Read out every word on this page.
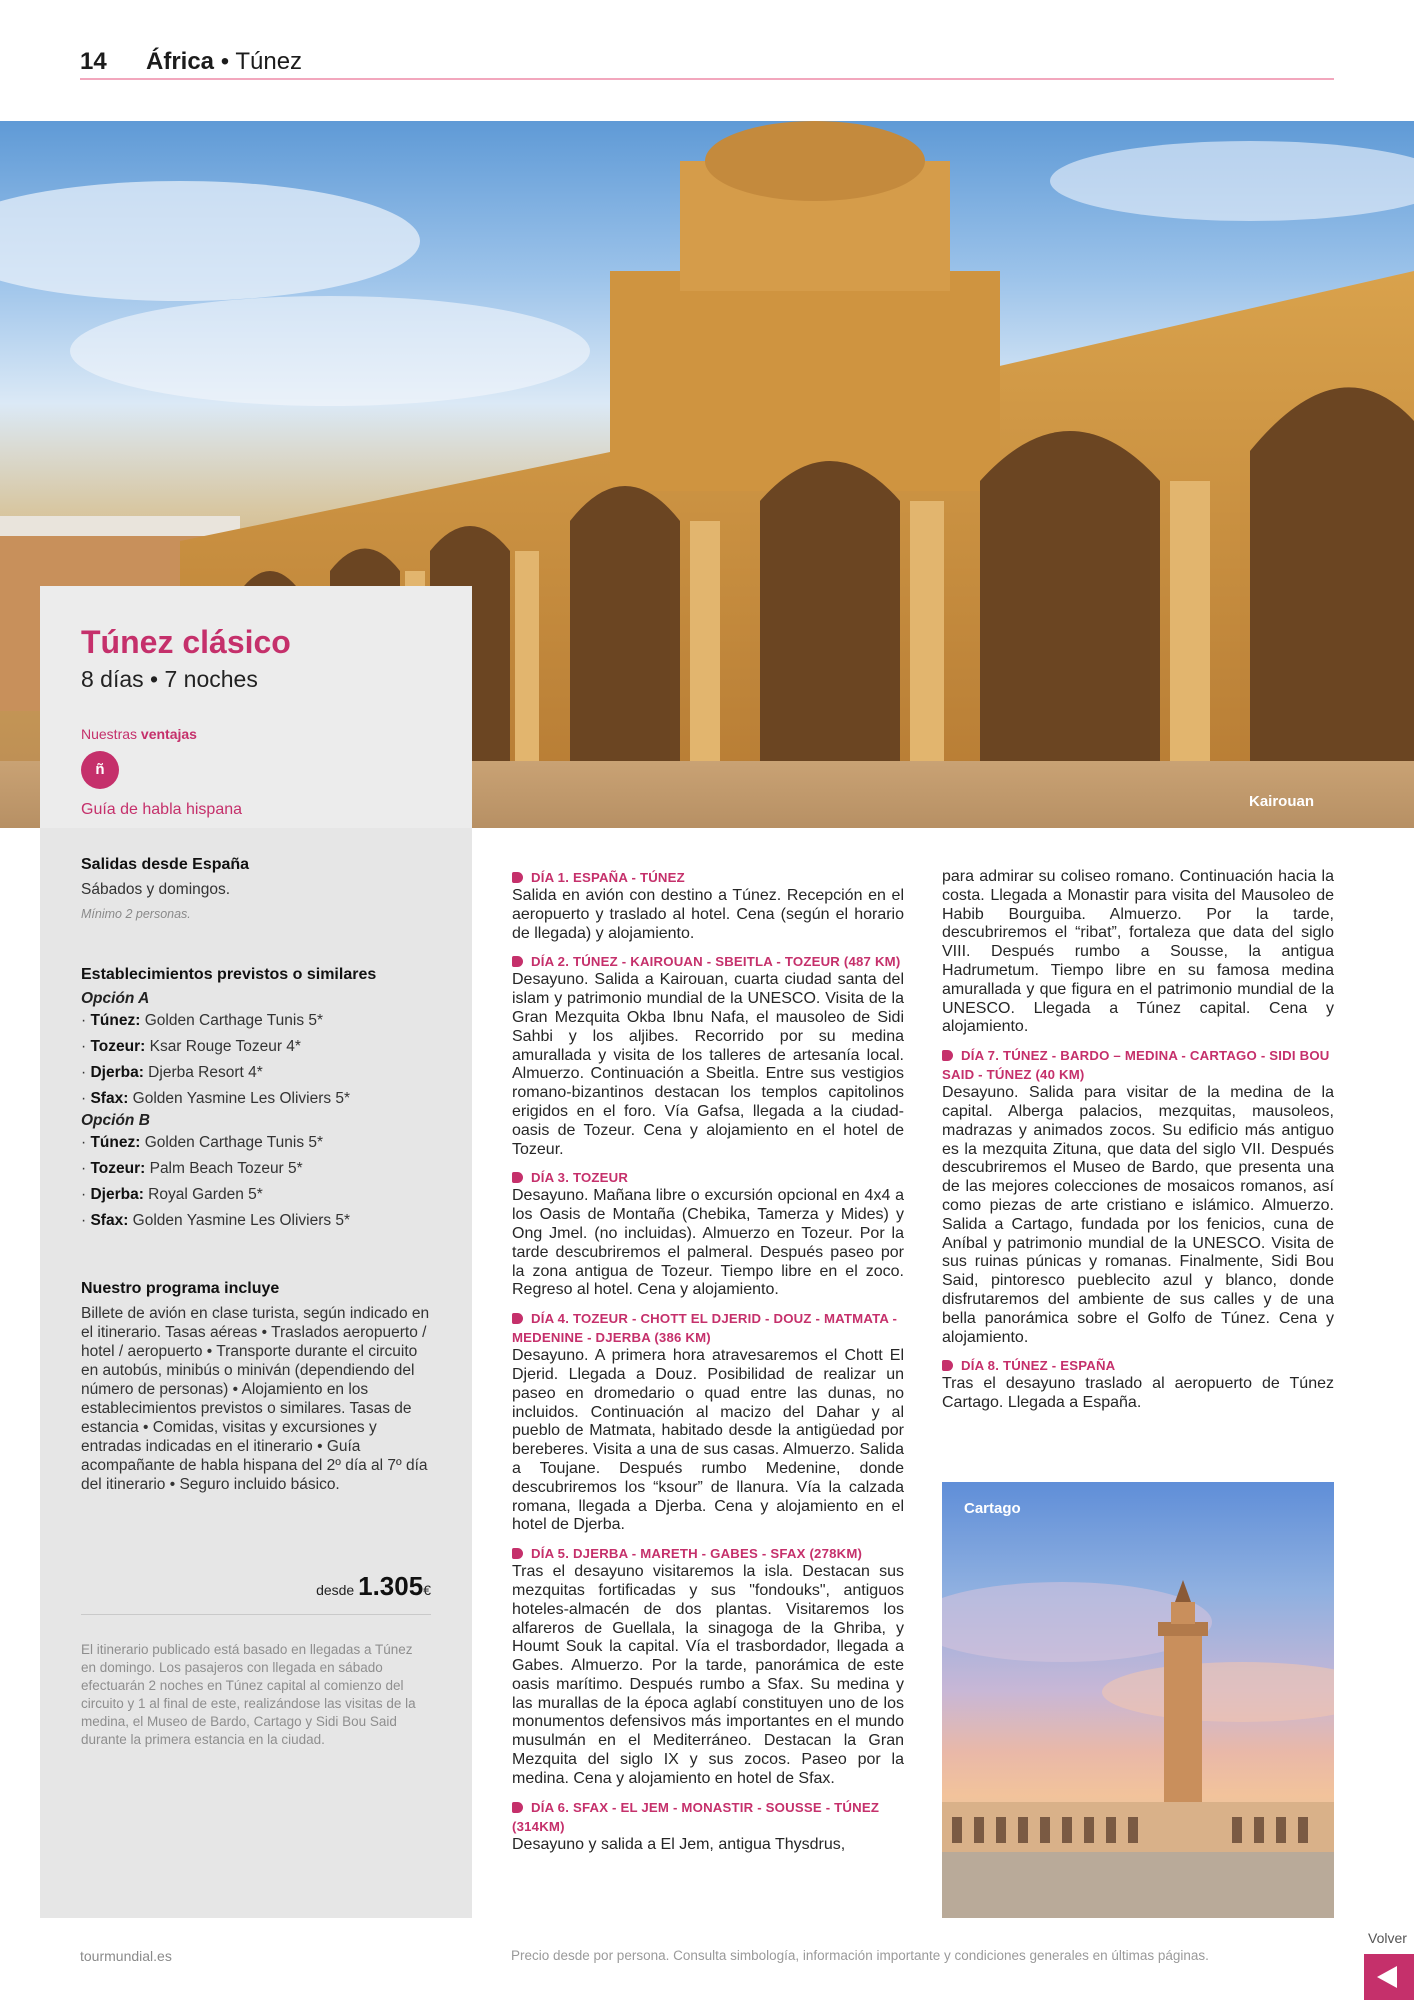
14 África • Túnez
Kairouan
Túnez clásico
8 días • 7 noches
Nuestras ventajas
ñ
Guía de habla hispana
Salidas desde España
Sábados y domingos.
Mínimo 2 personas.
Establecimientos previstos o similares
Opción A
· Túnez: Golden Carthage Tunis 5*
· Tozeur: Ksar Rouge Tozeur 4*
· Djerba: Djerba Resort 4*
· Sfax: Golden Yasmine Les Oliviers 5*
Opción B
· Túnez: Golden Carthage Tunis 5*
· Tozeur: Palm Beach Tozeur 5*
· Djerba: Royal Garden 5*
· Sfax: Golden Yasmine Les Oliviers 5*
Nuestro programa incluye
Billete de avión en clase turista, según indicado en el itinerario. Tasas aéreas • Traslados aeropuerto / hotel / aeropuerto • Transporte durante el circuito en autobús, minibús o miniván (dependiendo del número de personas) • Alojamiento en los establecimientos previstos o similares. Tasas de estancia • Comidas, visitas y excursiones y entradas indicadas en el itinerario • Guía acompañante de habla hispana del 2º día al 7º día del itinerario • Seguro incluido básico.
desde 1.305€
El itinerario publicado está basado en llegadas a Túnez en domingo. Los pasajeros con llegada en sábado efectuarán 2 noches en Túnez capital al comienzo del circuito y 1 al final de este, realizándose las visitas de la medina, el Museo de Bardo, Cartago y Sidi Bou Said durante la primera estancia en la ciudad.
DÍA 1. ESPAÑA - TÚNEZ
Salida en avión con destino a Túnez. Recepción en el aeropuerto y traslado al hotel. Cena (según el horario de llegada) y alojamiento.
DÍA 2. TÚNEZ - KAIROUAN - SBEITLA - TOZEUR (487 KM)
Desayuno. Salida a Kairouan, cuarta ciudad santa del islam y patrimonio mundial de la UNESCO. Visita de la Gran Mezquita Okba Ibnu Nafa, el mausoleo de Sidi Sahbi y los aljibes. Recorrido por su medina amurallada y visita de los talleres de artesanía local. Almuerzo. Continuación a Sbeitla. Entre sus vestigios romano-bizantinos destacan los templos capitolinos erigidos en el foro. Vía Gafsa, llegada a la ciudad-oasis de Tozeur. Cena y alojamiento en el hotel de Tozeur.
DÍA 3. TOZEUR
Desayuno. Mañana libre o excursión opcional en 4x4 a los Oasis de Montaña (Chebika, Tamerza y Mides) y Ong Jmel. (no incluidas). Almuerzo en Tozeur. Por la tarde descubriremos el palmeral. Después paseo por la zona antigua de Tozeur. Tiempo libre en el zoco. Regreso al hotel. Cena y alojamiento.
DÍA 4. TOZEUR - CHOTT EL DJERID - DOUZ - MATMATA - MEDENINE - DJERBA (386 KM)
Desayuno. A primera hora atravesaremos el Chott El Djerid. Llegada a Douz. Posibilidad de realizar un paseo en dromedario o quad entre las dunas, no incluidos. Continuación al macizo del Dahar y al pueblo de Matmata, habitado desde la antigüedad por bereberes. Visita a una de sus casas. Almuerzo. Salida a Toujane. Después rumbo Medenine, donde descubriremos los “ksour” de llanura. Vía la calzada romana, llegada a Djerba. Cena y alojamiento en el hotel de Djerba.
DÍA 5. DJERBA - MARETH - GABES - SFAX (278KM)
Tras el desayuno visitaremos la isla. Destacan sus mezquitas fortificadas y sus "fondouks", antiguos hoteles-almacén de dos plantas. Visitaremos los alfareros de Guellala, la sinagoga de la Ghriba, y Houmt Souk la capital. Vía el trasbordador, llegada a Gabes. Almuerzo. Por la tarde, panorámica de este oasis marítimo. Después rumbo a Sfax. Su medina y las murallas de la época aglabí constituyen uno de los monumentos defensivos más importantes en el mundo musulmán en el Mediterráneo. Destacan la Gran Mezquita del siglo IX y sus zocos. Paseo por la medina. Cena y alojamiento en hotel de Sfax.
DÍA 6. SFAX - EL JEM - MONASTIR - SOUSSE - TÚNEZ (314KM)
Desayuno y salida a El Jem, antigua Thysdrus,
para admirar su coliseo romano. Continuación hacia la costa. Llegada a Monastir para visita del Mausoleo de Habib Bourguiba. Almuerzo. Por la tarde, descubriremos el “ribat”, fortaleza que data del siglo VIII. Después rumbo a Sousse, la antigua Hadrumetum. Tiempo libre en su famosa medina amurallada y que figura en el patrimonio mundial de la UNESCO. Llegada a Túnez capital. Cena y alojamiento.
DÍA 7. TÚNEZ - BARDO – MEDINA - CARTAGO - SIDI BOU SAID - TÚNEZ (40 KM)
Desayuno. Salida para visitar de la medina de la capital. Alberga palacios, mezquitas, mausoleos, madrazas y animados zocos. Su edificio más antiguo es la mezquita Zituna, que data del siglo VII. Después descubriremos el Museo de Bardo, que presenta una de las mejores colecciones de mosaicos romanos, así como piezas de arte cristiano e islámico. Almuerzo. Salida a Cartago, fundada por los fenicios, cuna de Aníbal y patrimonio mundial de la UNESCO. Visita de sus ruinas púnicas y romanas. Finalmente, Sidi Bou Said, pintoresco pueblecito azul y blanco, donde disfrutaremos del ambiente de sus calles y de una bella panorámica sobre el Golfo de Túnez. Cena y alojamiento.
DÍA 8. TÚNEZ - ESPAÑA
Tras el desayuno traslado al aeropuerto de Túnez Cartago. Llegada a España.
Cartago
tourmundial.es	Precio desde por persona. Consulta simbología, información importante y condiciones generales en últimas páginas.
Volver
